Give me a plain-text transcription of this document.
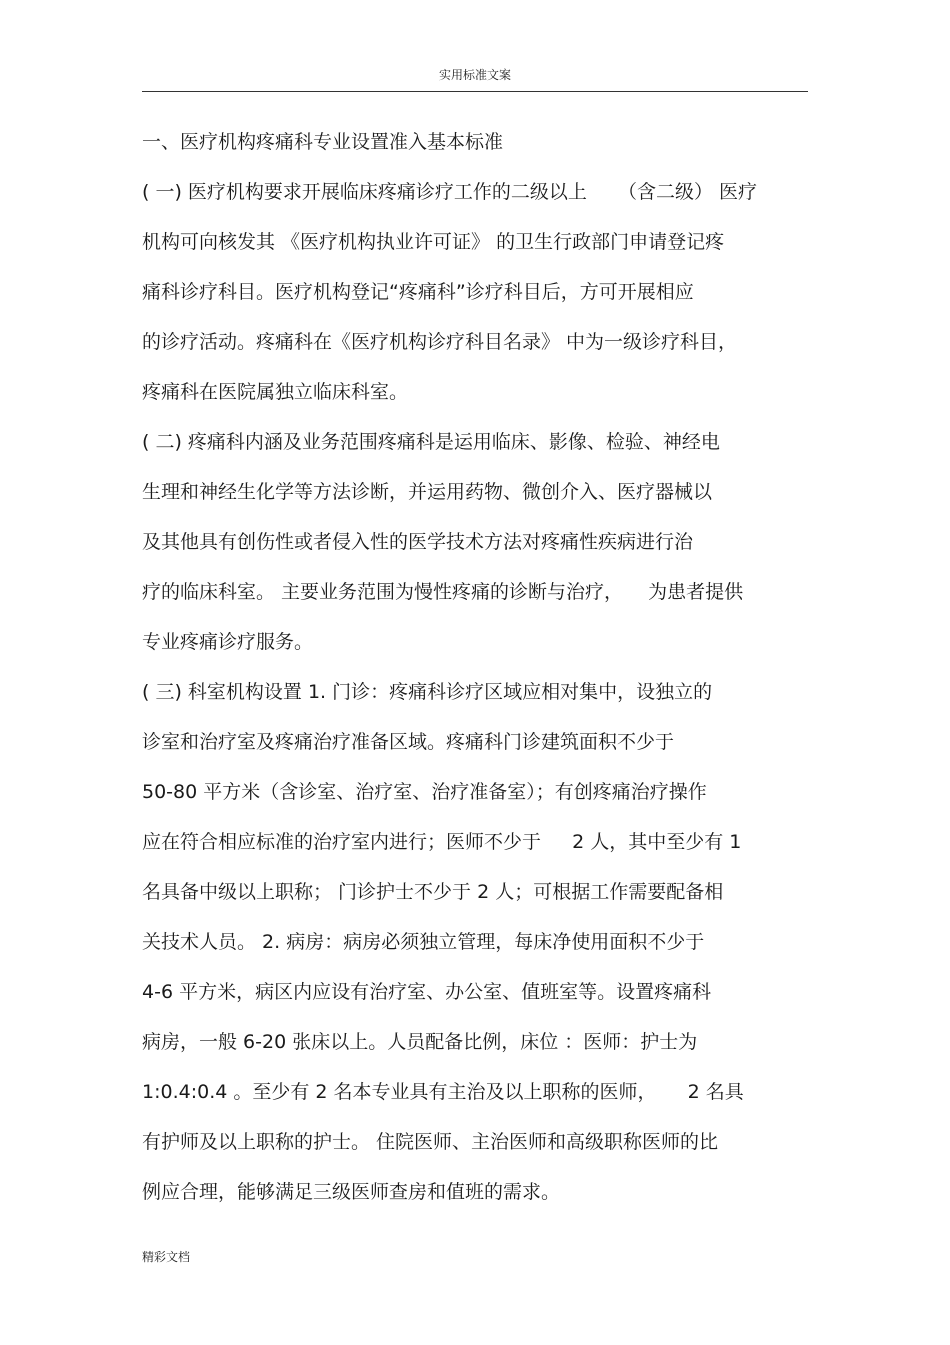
实用标准文案

一、医疗机构疼痛科专业设置准入基本标准

( 一) 医疗机构要求开展临床疼痛诊疗工作的二级以上 　 （含二级） 医疗

机构可向核发其 《医疗机构执业许可证》 的卫生行政部门申请登记疼

痛科诊疗科目。医疗机构登记“疼痛科”诊疗科目后，方可开展相应

的诊疗活动。疼痛科在《医疗机构诊疗科目名录》 中为一级诊疗科目，

疼痛科在医院属独立临床科室。

( 二) 疼痛科内涵及业务范围疼痛科是运用临床、影像、检验、神经电

生理和神经生化学等方法诊断，并运用药物、微创介入、医疗器械以

及其他具有创伤性或者侵入性的医学技术方法对疼痛性疾病进行治

疗的临床科室。 主要业务范围为慢性疼痛的诊断与治疗， 　为患者提供

专业疼痛诊疗服务。

( 三) 科室机构设置 1. 门诊：疼痛科诊疗区域应相对集中，设独立的

诊室和治疗室及疼痛治疗准备区域。疼痛科门诊建筑面积不少于

50-80 平方米（含诊室、治疗室、治疗准备室）；有创疼痛治疗操作

应在符合相应标准的治疗室内进行；医师不少于 　 2 人，其中至少有 1

名具备中级以上职称； 门诊护士不少于 2 人；可根据工作需要配备相

关技术人员。 2. 病房：病房必须独立管理，每床净使用面积不少于

4-6 平方米，病区内应设有治疗室、办公室、值班室等。设置疼痛科

病房，一般 6-20 张床以上。人员配备比例，床位 ：医师：护士为

1:0.4:0.4 。至少有 2 名本专业具有主治及以上职称的医师， 　 2 名具

有护师及以上职称的护士。 住院医师、主治医师和高级职称医师的比

例应合理，能够满足三级医师查房和值班的需求。

精彩文档
